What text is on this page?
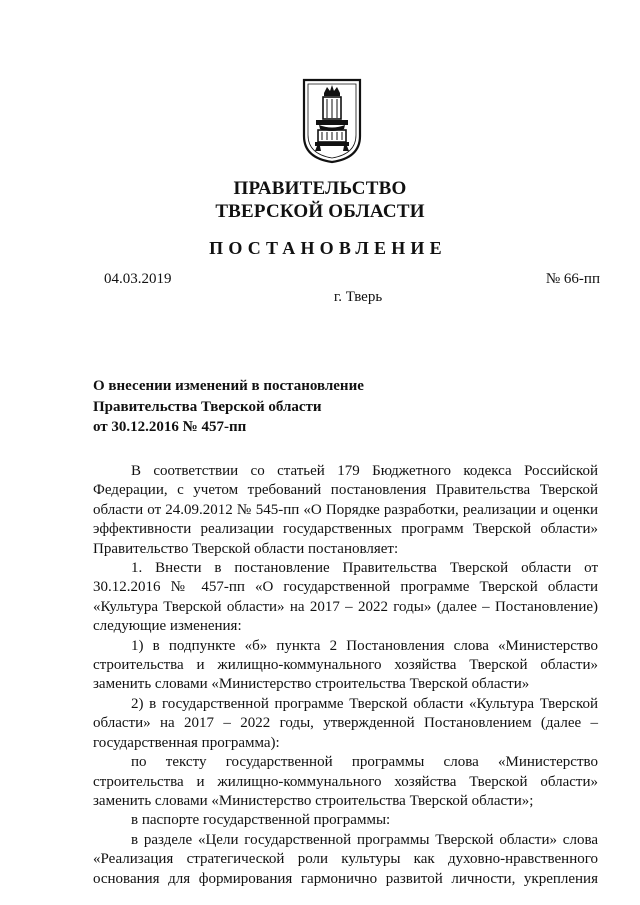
ПРАВИТЕЛЬСТВО
ТВЕРСКОЙ ОБЛАСТИ
ПОСТАНОВЛЕНИЕ
04.03.2019	№ 66-пп
г. Тверь
О внесении изменений в постановление
Правительства Тверской области
от 30.12.2016 № 457-пп

В соответствии со статьей 179 Бюджетного кодекса Российской Федерации, с учетом требований постановления Правительства Тверской области от 24.09.2012 № 545-пп «О Порядке разработки, реализации и оценки эффективности реализации государственных программ Тверской области» Правительство Тверской области постановляет:

1. Внести в постановление Правительства Тверской области от 30.12.2016 № 457-пп «О государственной программе Тверской области «Культура Тверской области» на 2017 – 2022 годы» (далее – Постановление) следующие изменения:

1) в подпункте «б» пункта 2 Постановления слова «Министерство строительства и жилищно-коммунального хозяйства Тверской области» заменить словами «Министерство строительства Тверской области»

2) в государственной программе Тверской области «Культура Тверской области» на 2017 – 2022 годы, утвержденной Постановлением (далее – государственная программа):

по тексту государственной программы слова «Министерство строительства и жилищно-коммунального хозяйства Тверской области» заменить словами «Министерство строительства Тверской области»;

в паспорте государственной программы:

в разделе «Цели государственной программы Тверской области» слова «Реализация стратегической роли культуры как духовно-нравственного основания для формирования гармонично развитой личности, укрепления
